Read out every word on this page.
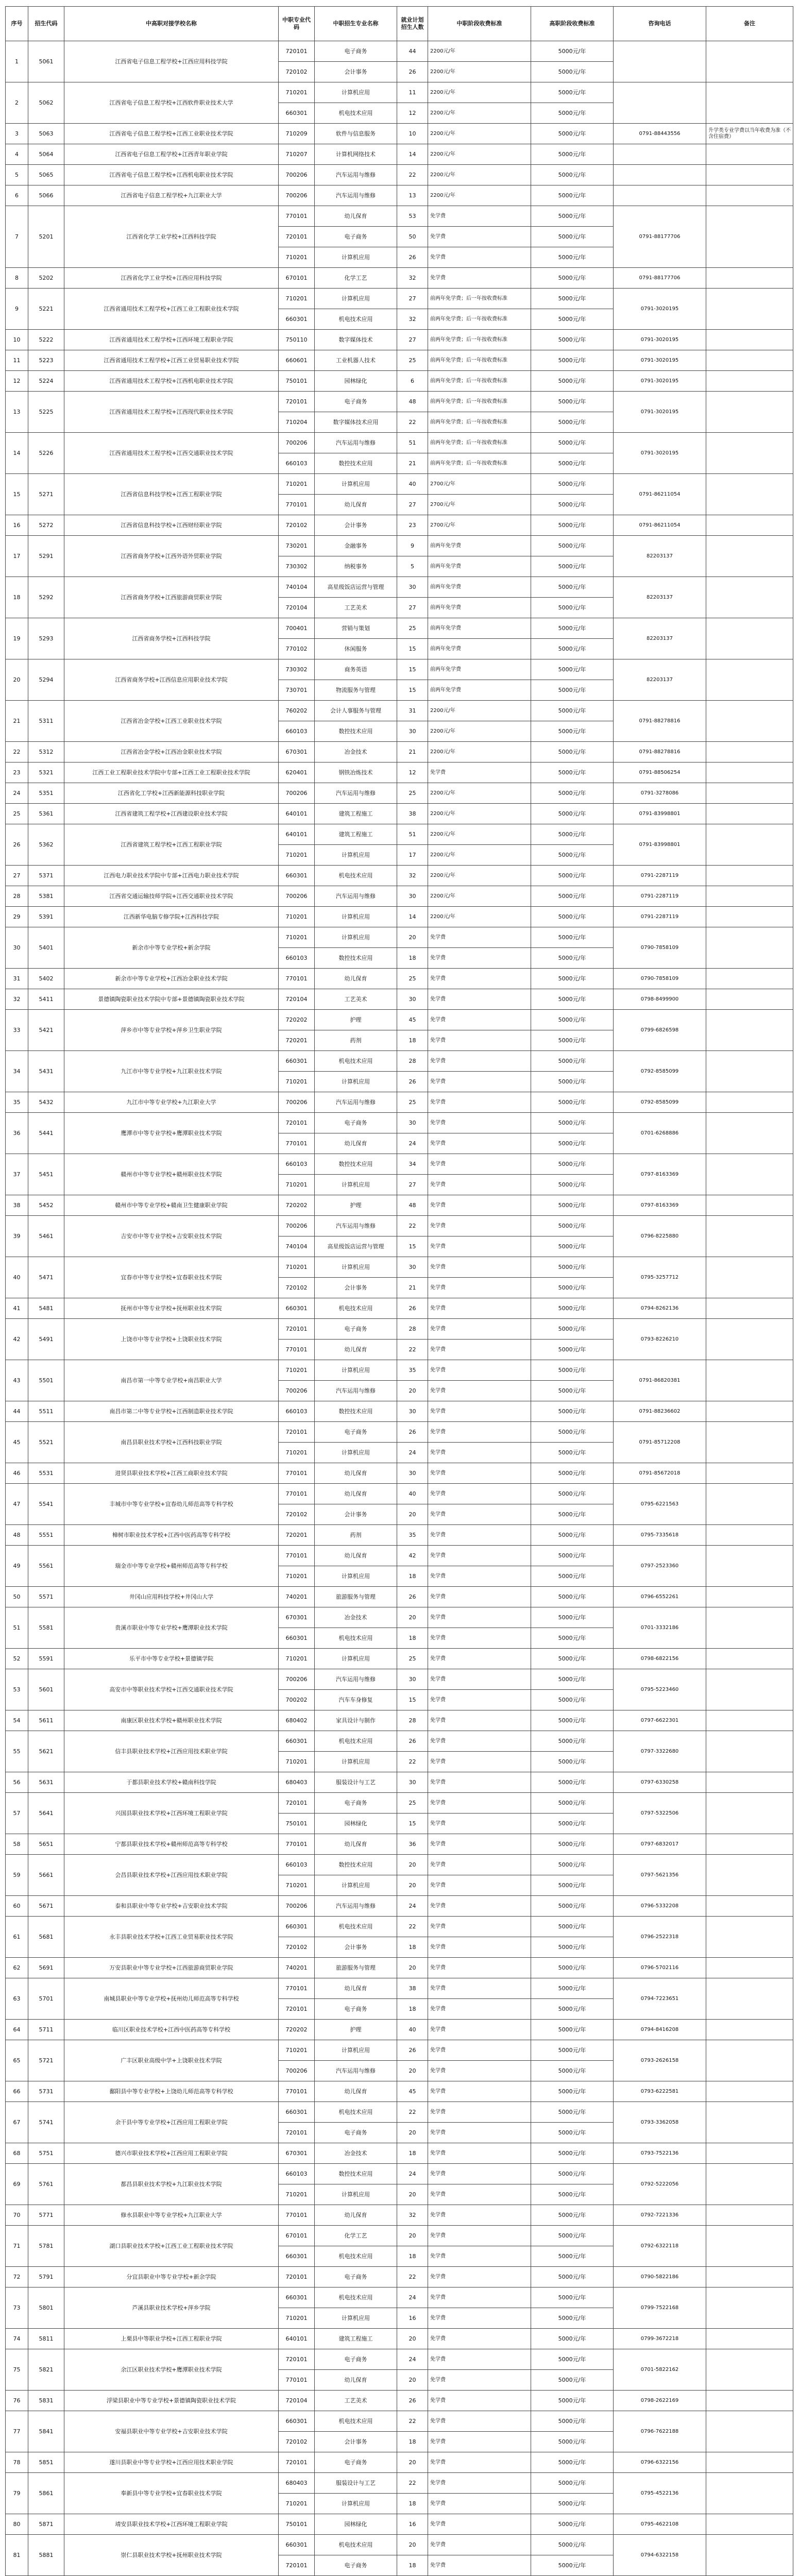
序号	招生代码	中高职对接学校名称	中职专业代码	中职招生专业名称	就业计划招生人数	中职阶段收费标准	高职阶段收费标准	咨询电话	备注
1	5061	江西省电子信息工程学校+江西应用科技学院	720101	电子商务	44	2200元/年	5000元/年		
			720102	会计事务	26	2200元/年	5000元/年		
2	5062	江西省电子信息工程学校+江西软件职业技术大学	710201	计算机应用	11	2200元/年	5000元/年		
			660301	机电技术应用	12	2200元/年	5000元/年		
3	5063	江西省电子信息工程学校+江西工业职业技术学院	710209	软件与信息服务	10	2200元/年	5000元/年	0791-88443556	升学类专业学费以当年收费为准（不含住宿费）
4	5064	江西省电子信息工程学校+江西青年职业学院	710207	计算机网络技术	14	2200元/年	5000元/年		
5	5065	江西省电子信息工程学校+江西机电职业技术学院	700206	汽车运用与维修	22	2200元/年	5000元/年		
6	5066	江西省电子信息工程学校+九江职业大学	700206	汽车运用与维修	13	2200元/年	5000元/年		
7	5201	江西省化学工业学校+江西科技学院	770101	幼儿保育	53	免学费	5000元/年	0791-88177706	
			720101	电子商务	50	免学费	5000元/年		
			710201	计算机应用	26	免学费	5000元/年		
8	5202	江西省化学工业学校+江西应用科技学院	670101	化学工艺	32	免学费	5000元/年	0791-88177706	
9	5221	江西省通用技术工程学校+江西工业工程职业技术学院	710201	计算机应用	27	前两年免学费；后一年按收费标准	5000元/年	0791-3020195	
			660301	机电技术应用	32	前两年免学费；后一年按收费标准	5000元/年		
10	5222	江西省通用技术工程学校+江西环境工程职业学院	750110	数字媒体技术	27	前两年免学费；后一年按收费标准	5000元/年	0791-3020195	
11	5223	江西省通用技术工程学校+江西工业贸易职业技术学院	660601	工业机器人技术	25	前两年免学费；后一年按收费标准	5000元/年	0791-3020195	
12	5224	江西省通用技术工程学校+江西机电职业技术学院	750101	园林绿化	6	前两年免学费；后一年按收费标准	5000元/年	0791-3020195	
13	5225	江西省通用技术工程学校+江西现代职业技术学院	720101	电子商务	48	前两年免学费；后一年按收费标准	5000元/年	0791-3020195	
			710204	数字媒体技术应用	22	前两年免学费；后一年按收费标准	5000元/年		
14	5226	江西省通用技术工程学校+江西交通职业技术学院	700206	汽车运用与维修	51	前两年免学费；后一年按收费标准	5000元/年	0791-3020195	
			660103	数控技术应用	21	前两年免学费；后一年按收费标准	5000元/年		
15	5271	江西省信息科技学校+江西工程职业学院	710201	计算机应用	40	2700元/年	5000元/年	0791-86211054	
			770101	幼儿保育	27	2700元/年	5000元/年		
16	5272	江西省信息科技学校+江西财经职业学院	720102	会计事务	23	2700元/年	5000元/年	0791-86211054	
17	5291	江西省商务学校+江西外语外贸职业学院	730201	金融事务	9	前两年免学费	5000元/年	82203137	
			730302	纳税事务	5	前两年免学费	5000元/年		
18	5292	江西省商务学校+江西旅游商贸职业学院	740104	高星级饭店运营与管理	30	前两年免学费	5000元/年	82203137	
			720104	工艺美术	27	前两年免学费	5000元/年		
19	5293	江西省商务学校+江西科技学院	700401	营销与策划	25	前两年免学费	5000元/年	82203137	
			770102	休闲服务	15	前两年免学费	5000元/年		
20	5294	江西省商务学校+江西信息应用职业技术学院	730302	商务英语	15	前两年免学费	5000元/年	82203137	
			730701	物流服务与管理	15	前两年免学费	5000元/年		
21	5311	江西省冶金学校+江西工业职业技术学院	760202	会计人事服务与管理	31	2200元/年	5000元/年	0791-88278816	
			660103	数控技术应用	30	2200元/年	5000元/年		
22	5312	江西省冶金学校+江西冶金职业技术学院	670301	冶金技术	21	2200元/年	5000元/年	0791-88278816	
23	5321	江西工业工程职业技术学院中专部+江西工业工程职业技术学院	620401	钢铁冶炼技术	12	免学费	5000元/年	0791-88506254	
24	5351	江西省化工学校+江西新能源科技职业学院	700206	汽车运用与维修	25	2200元/年	5000元/年	0791-3278086	
25	5361	江西省建筑工程学校+江西建设职业技术学院	640101	建筑工程施工	38	2200元/年	5000元/年	0791-83998801	
26	5362	江西省建筑工程学校+江西工程职业学院	640101	建筑工程施工	51	2200元/年	5000元/年	0791-83998801	
			710201	计算机应用	17	2200元/年	5000元/年		
27	5371	江西电力职业技术学院中专部+江西电力职业技术学院	660301	机电技术应用	32	2200元/年	5000元/年	0791-2287119	
28	5381	江西省交通运输技师学院+江西交通职业技术学院	700206	汽车运用与维修	30	2200元/年	5000元/年	0791-2287119	
29	5391	江西新华电脑专修学院+江西科技学院	710201	计算机应用	14	2200元/年	5000元/年	0791-2287119	
30	5401	新余市中等专业学校+新余学院	710201	计算机应用	20	免学费	5000元/年	0790-7858109	
			660103	数控技术应用	18	免学费	5000元/年		
31	5402	新余市中等专业学校+江西冶金职业技术学院	770101	幼儿保育	25	免学费	5000元/年	0790-7858109	
32	5411	景德镇陶瓷职业技术学院中专部+景德镇陶瓷职业技术学院	720104	工艺美术	30	免学费	5000元/年	0798-8499900	
33	5421	萍乡市中等专业学校+萍乡卫生职业学院	720202	护理	45	免学费	5000元/年	0799-6826598	
			720201	药剂	18	免学费	5000元/年		
34	5431	九江市中等专业学校+九江职业技术学院	660301	机电技术应用	28	免学费	5000元/年	0792-8585099	
			710201	计算机应用	26	免学费	5000元/年		
35	5432	九江市中等专业学校+九江职业大学	700206	汽车运用与维修	25	免学费	5000元/年	0792-8585099	
36	5441	鹰潭市中等专业学校+鹰潭职业技术学院	720101	电子商务	30	免学费	5000元/年	0701-6268886	
			770101	幼儿保育	24	免学费	5000元/年		
37	5451	赣州市中等专业学校+赣州职业技术学院	660103	数控技术应用	34	免学费	5000元/年	0797-8163369	
			710201	计算机应用	27	免学费	5000元/年		
38	5452	赣州市中等专业学校+赣南卫生健康职业学院	720202	护理	48	免学费	5000元/年	0797-8163369	
39	5461	吉安市中等专业学校+吉安职业技术学院	700206	汽车运用与维修	22	免学费	5000元/年	0796-8225880	
			740104	高星级饭店运营与管理	15	免学费	5000元/年		
40	5471	宜春市中等专业学校+宜春职业技术学院	710201	计算机应用	30	免学费	5000元/年	0795-3257712	
			720102	会计事务	21	免学费	5000元/年		
41	5481	抚州市中等专业学校+抚州职业技术学院	660301	机电技术应用	26	免学费	5000元/年	0794-8262136	
42	5491	上饶市中等专业学校+上饶职业技术学院	720101	电子商务	28	免学费	5000元/年	0793-8226210	
			770101	幼儿保育	22	免学费	5000元/年		
43	5501	南昌市第一中等专业学校+南昌职业大学	710201	计算机应用	35	免学费	5000元/年	0791-86820381	
			700206	汽车运用与维修	20	免学费	5000元/年		
44	5511	南昌市第二中等专业学校+江西制造职业技术学院	660103	数控技术应用	30	免学费	5000元/年	0791-88236602	
45	5521	南昌县职业技术学校+江西科技职业学院	720101	电子商务	26	免学费	5000元/年	0791-85712208	
			710201	计算机应用	24	免学费	5000元/年		
46	5531	进贤县职业技术学校+江西工商职业技术学院	770101	幼儿保育	30	免学费	5000元/年	0791-85672018	
47	5541	丰城市中等专业学校+宜春幼儿师范高等专科学校	770101	幼儿保育	40	免学费	5000元/年	0795-6221563	
			720102	会计事务	20	免学费	5000元/年		
48	5551	樟树市职业技术学校+江西中医药高等专科学校	720201	药剂	35	免学费	5000元/年	0795-7335618	
49	5561	瑞金市中等专业学校+赣州师范高等专科学校	770101	幼儿保育	42	免学费	5000元/年	0797-2523360	
			710201	计算机应用	18	免学费	5000元/年		
50	5571	井冈山应用科技学校+井冈山大学	740201	旅游服务与管理	26	免学费	5000元/年	0796-6552261	
51	5581	贵溪市职业中等专业学校+鹰潭职业技术学院	670301	冶金技术	20	免学费	5000元/年	0701-3332186	
			660301	机电技术应用	18	免学费	5000元/年		
52	5591	乐平市中等专业学校+景德镇学院	710201	计算机应用	25	免学费	5000元/年	0798-6822156	
53	5601	高安市中等职业技术学校+江西交通职业技术学院	700206	汽车运用与维修	30	免学费	5000元/年	0795-5223460	
			700202	汽车车身修复	15	免学费	5000元/年		
54	5611	南康区职业技术学校+赣州职业技术学院	680402	家具设计与制作	28	免学费	5000元/年	0797-6622301	
55	5621	信丰县职业技术学校+江西应用技术职业学院	660301	机电技术应用	26	免学费	5000元/年	0797-3322680	
			710201	计算机应用	22	免学费	5000元/年		
56	5631	于都县职业技术学校+赣南科技学院	680403	服装设计与工艺	30	免学费	5000元/年	0797-6330258	
57	5641	兴国县职业技术学校+江西环境工程职业学院	720101	电子商务	25	免学费	5000元/年	0797-5322506	
			750101	园林绿化	15	免学费	5000元/年		
58	5651	宁都县职业技术学校+赣州师范高等专科学校	770101	幼儿保育	36	免学费	5000元/年	0797-6832017	
59	5661	会昌县职业技术学校+江西应用技术职业学院	660103	数控技术应用	20	免学费	5000元/年	0797-5621356	
			710201	计算机应用	20	免学费	5000元/年		
60	5671	泰和县职业中等专业学校+吉安职业技术学院	700206	汽车运用与维修	24	免学费	5000元/年	0796-5332208	
61	5681	永丰县职业技术学校+江西工业贸易职业技术学院	660301	机电技术应用	22	免学费	5000元/年	0796-2522318	
			720102	会计事务	18	免学费	5000元/年		
62	5691	万安县职业中等专业学校+江西旅游商贸职业学院	740201	旅游服务与管理	20	免学费	5000元/年	0796-5702116	
63	5701	南城县职业中等专业学校+抚州幼儿师范高等专科学校	770101	幼儿保育	38	免学费	5000元/年	0794-7223651	
			720101	电子商务	18	免学费	5000元/年		
64	5711	临川区职业技术学校+江西中医药高等专科学校	720202	护理	40	免学费	5000元/年	0794-8416208	
65	5721	广丰区职业高级中学+上饶职业技术学院	710201	计算机应用	26	免学费	5000元/年	0793-2626158	
			700206	汽车运用与维修	20	免学费	5000元/年		
66	5731	鄱阳县中等专业学校+上饶幼儿师范高等专科学校	770101	幼儿保育	45	免学费	5000元/年	0793-6222581	
67	5741	余干县中等专业学校+江西应用工程职业学院	660301	机电技术应用	22	免学费	5000元/年	0793-3362058	
			720101	电子商务	20	免学费	5000元/年		
68	5751	德兴市职业技术学校+江西应用工程职业学院	670301	冶金技术	18	免学费	5000元/年	0793-7522136	
69	5761	都昌县职业技术学校+九江职业技术学院	660103	数控技术应用	24	免学费	5000元/年	0792-5222056	
			710201	计算机应用	20	免学费	5000元/年		
70	5771	修水县职业中等专业学校+九江职业大学	770101	幼儿保育	32	免学费	5000元/年	0792-7221336	
71	5781	湖口县职业技术学校+江西工业工程职业技术学院	670101	化学工艺	20	免学费	5000元/年	0792-6322118	
			660301	机电技术应用	18	免学费	5000元/年		
72	5791	分宜县职业中等专业学校+新余学院	720101	电子商务	22	免学费	5000元/年	0790-5822186	
73	5801	芦溪县职业技术学校+萍乡学院	660301	机电技术应用	24	免学费	5000元/年	0799-7522168	
			710201	计算机应用	16	免学费	5000元/年		
74	5811	上栗县中等职业学校+江西工程职业学院	640101	建筑工程施工	20	免学费	5000元/年	0799-3672218	
75	5821	余江区职业技术学校+鹰潭职业技术学院	720101	电子商务	24	免学费	5000元/年	0701-5822162	
			770101	幼儿保育	20	免学费	5000元/年		
76	5831	浮梁县职业中等专业学校+景德镇陶瓷职业技术学院	720104	工艺美术	26	免学费	5000元/年	0798-2622169	
77	5841	安福县职业中等专业学校+吉安职业技术学院	660301	机电技术应用	22	免学费	5000元/年	0796-7622188	
			720102	会计事务	18	免学费	5000元/年		
78	5851	遂川县职业中等专业学校+江西应用技术职业学院	720101	电子商务	20	免学费	5000元/年	0796-6322156	
79	5861	奉新县中等专业学校+宜春职业技术学院	680403	服装设计与工艺	22	免学费	5000元/年	0795-4522136	
			710201	计算机应用	18	免学费	5000元/年		
80	5871	靖安县职业技术学校+江西环境工程职业学院	750101	园林绿化	16	免学费	5000元/年	0795-4622108	
81	5881	崇仁县职业技术学校+抚州职业技术学院	660301	机电技术应用	20	免学费	5000元/年	0794-6322158	
			720101	电子商务	18	免学费	5000元/年		
